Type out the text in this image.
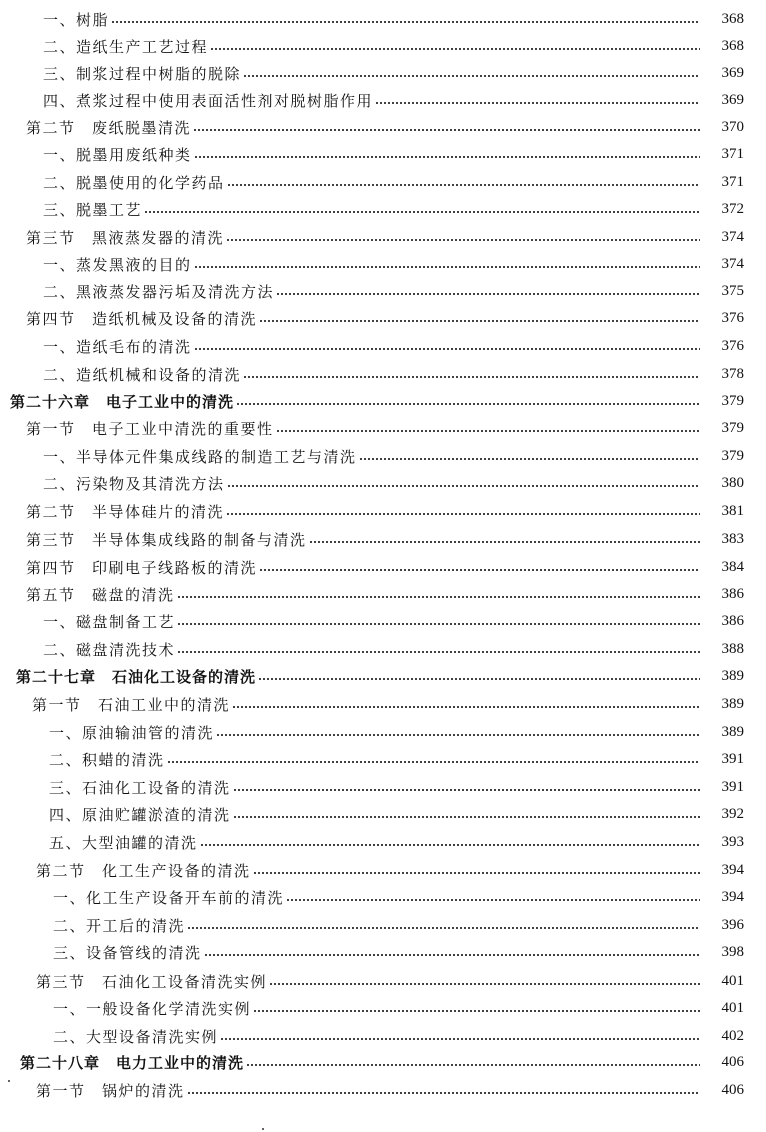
一、树脂	368
二、造纸生产工艺过程	368
三、制浆过程中树脂的脱除	369
四、煮浆过程中使用表面活性剂对脱树脂作用	369
第二节　废纸脱墨清洗	370
一、脱墨用废纸种类	371
二、脱墨使用的化学药品	371
三、脱墨工艺	372
第三节　黑液蒸发器的清洗	374
一、蒸发黑液的目的	374
二、黑液蒸发器污垢及清洗方法	375
第四节　造纸机械及设备的清洗	376
一、造纸毛布的清洗	376
二、造纸机械和设备的清洗	378
第二十六章　电子工业中的清洗	379
第一节　电子工业中清洗的重要性	379
一、半导体元件集成线路的制造工艺与清洗	379
二、污染物及其清洗方法	380
第二节　半导体硅片的清洗	381
第三节　半导体集成线路的制备与清洗	383
第四节　印刷电子线路板的清洗	384
第五节　磁盘的清洗	386
一、磁盘制备工艺	386
二、磁盘清洗技术	388
第二十七章　石油化工设备的清洗	389
第一节　石油工业中的清洗	389
一、原油输油管的清洗	389
二、积蜡的清洗	391
三、石油化工设备的清洗	391
四、原油贮罐淤渣的清洗	392
五、大型油罐的清洗	393
第二节　化工生产设备的清洗	394
一、化工生产设备开车前的清洗	394
二、开工后的清洗	396
三、设备管线的清洗	398
第三节　石油化工设备清洗实例	401
一、一般设备化学清洗实例	401
二、大型设备清洗实例	402
第二十八章　电力工业中的清洗	406
第一节　锅炉的清洗	406
